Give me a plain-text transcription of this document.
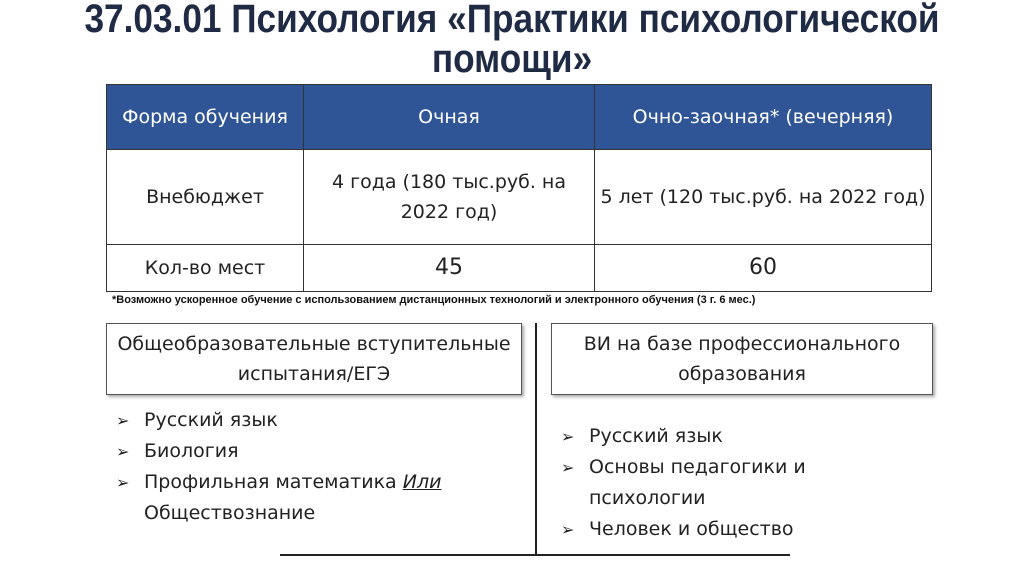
37.03.01 Психология «Практики психологической
помощи»
Форма обучения	Очная	Очно-заочная* (вечерняя)
Внебюджет	4 года (180 тыс.руб. на 2022 год)	5 лет (120 тыс.руб. на 2022 год)
Кол-во мест	45	60
*Возможно ускоренное обучение с использованием дистанционных технологий и электронного обучения (3 г. 6 мес.)
Общеобразовательные вступительные испытания/ЕГЭ
ВИ на базе профессионального образования
➢ Русский язык
➢ Биология
➢ Профильная математика Или
Обществознание
➢ Русский язык
➢ Основы педагогики и психологии
➢ Человек и общество
